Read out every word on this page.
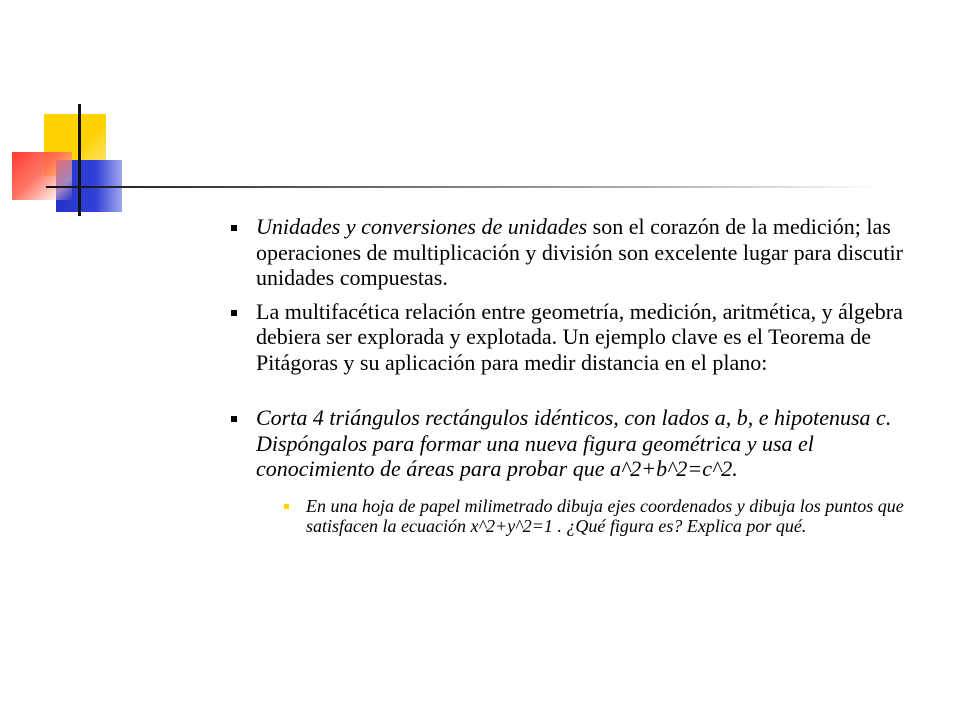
Unidades y conversiones de unidades son el corazón de la medición; las operaciones de multiplicación y división son excelente lugar para discutir unidades compuestas.
La multifacética relación entre geometría, medición, aritmética, y álgebra debiera ser explorada y explotada. Un ejemplo clave es el Teorema de Pitágoras y su aplicación para medir distancia en el plano:
Corta 4 triángulos rectángulos idénticos, con lados a, b, e hipotenusa c. Dispóngalos para formar una nueva figura geométrica y usa el conocimiento de áreas para probar que a^2+b^2=c^2.
En una hoja de papel milimetrado dibuja ejes coordenados y dibuja los puntos que satisfacen la ecuación x^2+y^2=1 . ¿Qué figura es? Explica por qué.
